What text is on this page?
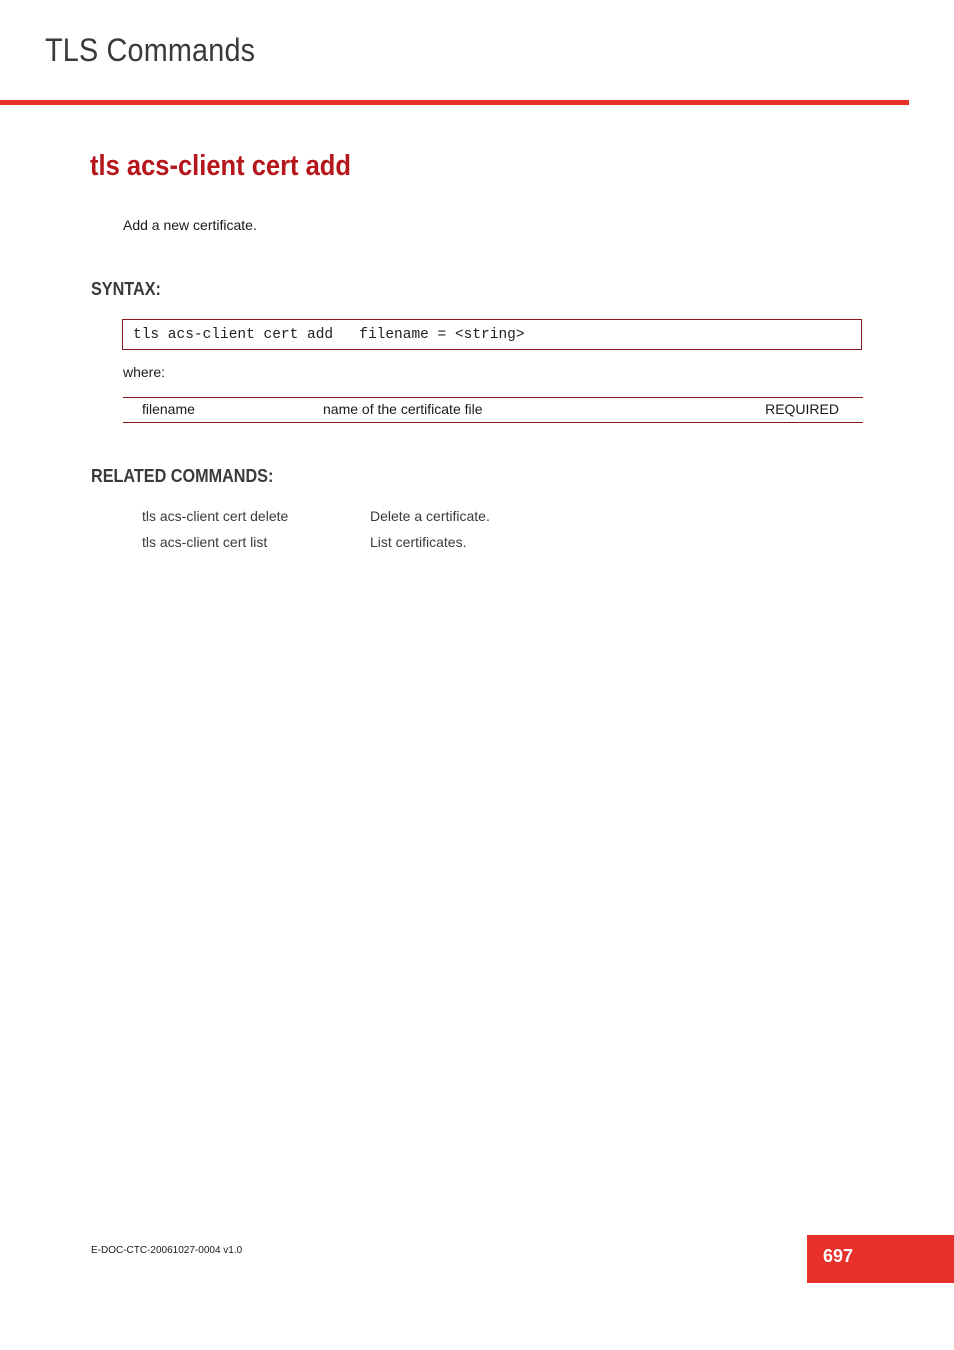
TLS Commands
tls acs-client cert add
Add a new certificate.
SYNTAX:
tls acs-client cert add   filename = <string>
where:
filename	name of the certificate file	REQUIRED
RELATED COMMANDS:
tls acs-client cert delete	Delete a certificate.
tls acs-client cert list	List certificates.
E-DOC-CTC-20061027-0004 v1.0	697
